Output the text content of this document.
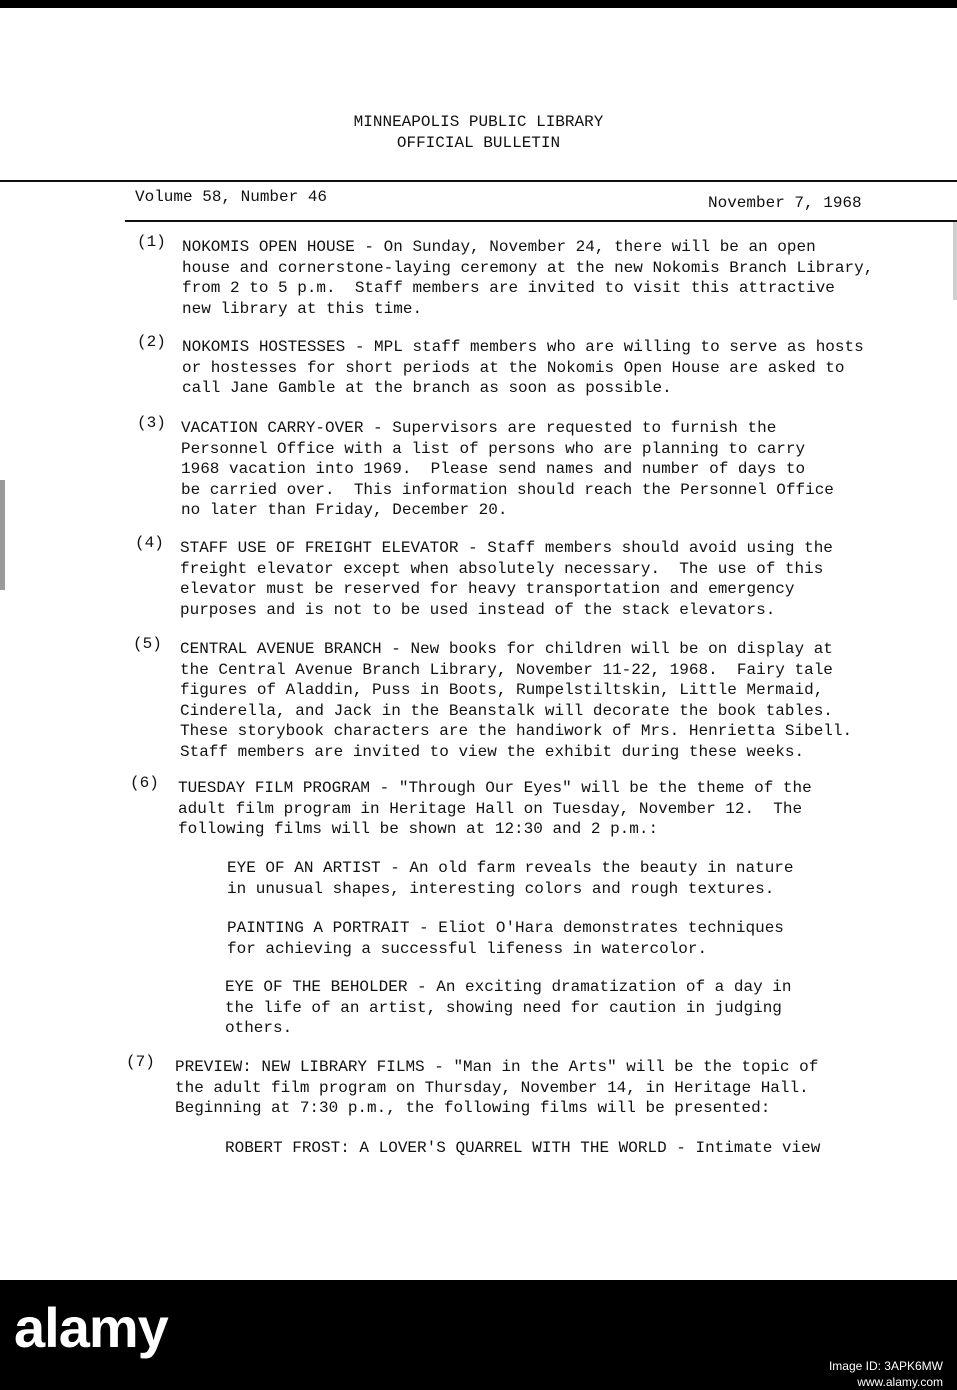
MINNEAPOLIS PUBLIC LIBRARY
OFFICIAL BULLETIN
Volume 58, Number 46	November 7, 1968
(1) NOKOMIS OPEN HOUSE - On Sunday, November 24, there will be an open
house and cornerstone-laying ceremony at the new Nokomis Branch Library,
from 2 to 5 p.m.  Staff members are invited to visit this attractive
new library at this time.
(2) NOKOMIS HOSTESSES - MPL staff members who are willing to serve as hosts
or hostesses for short periods at the Nokomis Open House are asked to
call Jane Gamble at the branch as soon as possible.
(3) VACATION CARRY-OVER - Supervisors are requested to furnish the
Personnel Office with a list of persons who are planning to carry
1968 vacation into 1969.  Please send names and number of days to
be carried over.  This information should reach the Personnel Office
no later than Friday, December 20.
(4) STAFF USE OF FREIGHT ELEVATOR - Staff members should avoid using the
freight elevator except when absolutely necessary.  The use of this
elevator must be reserved for heavy transportation and emergency
purposes and is not to be used instead of the stack elevators.
(5) CENTRAL AVENUE BRANCH - New books for children will be on display at
the Central Avenue Branch Library, November 11-22, 1968.  Fairy tale
figures of Aladdin, Puss in Boots, Rumpelstiltskin, Little Mermaid,
Cinderella, and Jack in the Beanstalk will decorate the book tables.
These storybook characters are the handiwork of Mrs. Henrietta Sibell.
Staff members are invited to view the exhibit during these weeks.
(6) TUESDAY FILM PROGRAM - "Through Our Eyes" will be the theme of the
adult film program in Heritage Hall on Tuesday, November 12.  The
following films will be shown at 12:30 and 2 p.m.:
EYE OF AN ARTIST - An old farm reveals the beauty in nature
in unusual shapes, interesting colors and rough textures.
PAINTING A PORTRAIT - Eliot O'Hara demonstrates techniques
for achieving a successful lifeness in watercolor.
EYE OF THE BEHOLDER - An exciting dramatization of a day in
the life of an artist, showing need for caution in judging
others.
(7) PREVIEW: NEW LIBRARY FILMS - "Man in the Arts" will be the topic of
the adult film program on Thursday, November 14, in Heritage Hall.
Beginning at 7:30 p.m., the following films will be presented:
ROBERT FROST: A LOVER'S QUARREL WITH THE WORLD - Intimate view
alamy
Image ID: 3APK6MW
www.alamy.com
